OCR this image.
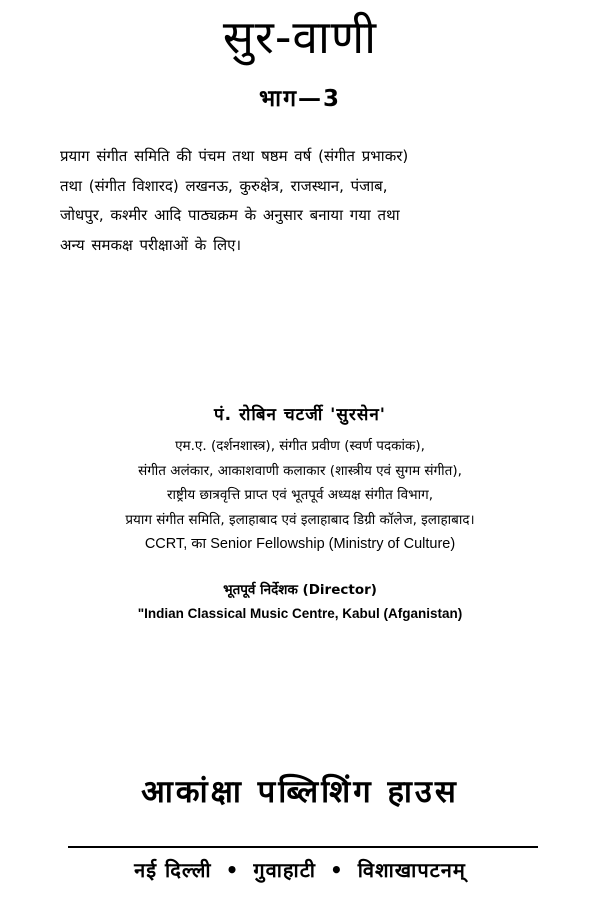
सुर-वाणी
भाग—3
प्रयाग संगीत समिति की पंचम तथा षष्ठम वर्ष (संगीत प्रभाकर)
तथा (संगीत विशारद) लखनऊ, कुरुक्षेत्र, राजस्थान, पंजाब,
जोधपुर, कश्मीर आदि पाठ्यक्रम के अनुसार बनाया गया तथा
अन्य समकक्ष परीक्षाओं के लिए।
पं. रोबिन चटर्जी 'सुरसेन'
एम.ए. (दर्शनशास्त्र), संगीत प्रवीण (स्वर्ण पदकांक),
संगीत अलंकार, आकाशवाणी कलाकार (शास्त्रीय एवं सुगम संगीत),
राष्ट्रीय छात्रवृत्ति प्राप्त एवं भूतपूर्व अध्यक्ष संगीत विभाग,
प्रयाग संगीत समिति, इलाहाबाद एवं इलाहाबाद डिग्री कॉलेज, इलाहाबाद।
CCRT, का Senior Fellowship (Ministry of Culture)
भूतपूर्व निर्देशक (Director)
"Indian Classical Music Centre, Kabul (Afganistan)
आकांक्षा पब्लिशिंग हाउस
नई दिल्ली • गुवाहाटी • विशाखापटनम्
